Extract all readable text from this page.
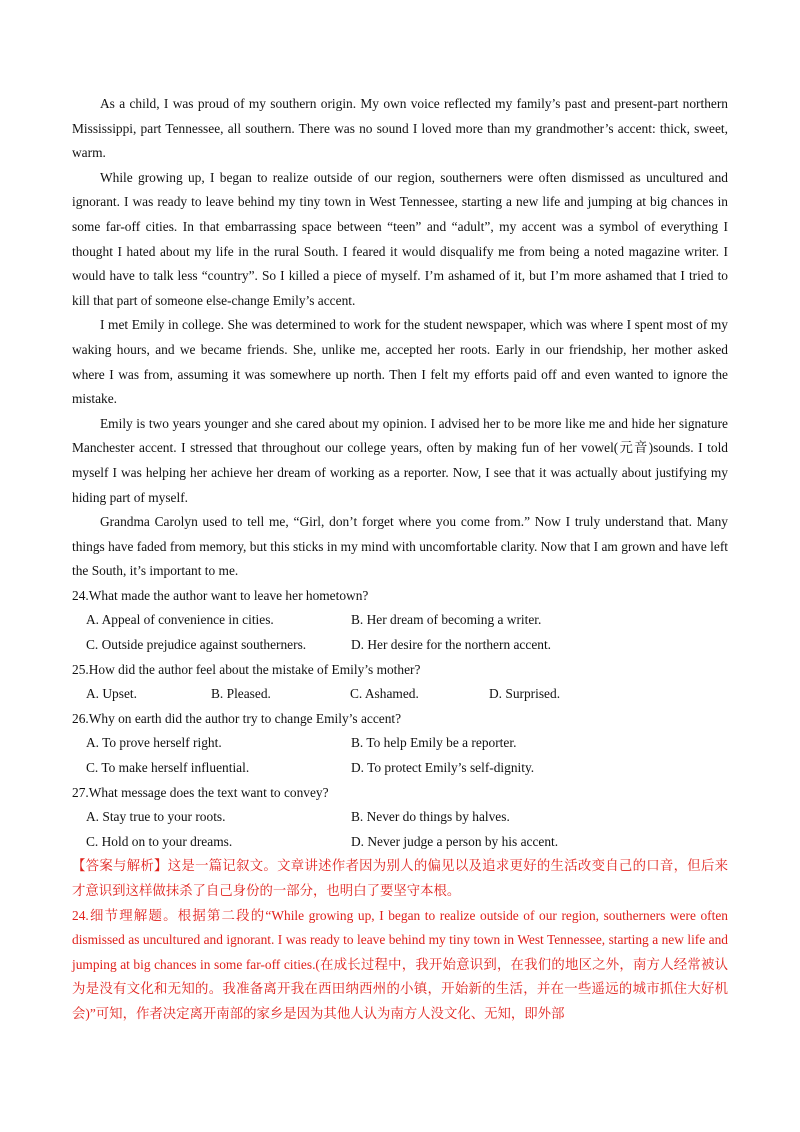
As a child, I was proud of my southern origin. My own voice reflected my family’s past and present-part northern Mississippi, part Tennessee, all southern. There was no sound I loved more than my grandmother’s accent: thick, sweet, warm.

While growing up, I began to realize outside of our region, southerners were often dismissed as uncultured and ignorant. I was ready to leave behind my tiny town in West Tennessee, starting a new life and jumping at big chances in some far-off cities. In that embarrassing space between “teen” and “adult”, my accent was a symbol of everything I thought I hated about my life in the rural South. I feared it would disqualify me from being a noted magazine writer. I would have to talk less “country”. So I killed a piece of myself. I’m ashamed of it, but I’m more ashamed that I tried to kill that part of someone else-change Emily’s accent.

I met Emily in college. She was determined to work for the student newspaper, which was where I spent most of my waking hours, and we became friends. She, unlike me, accepted her roots. Early in our friendship, her mother asked where I was from, assuming it was somewhere up north. Then I felt my efforts paid off and even wanted to ignore the mistake.

Emily is two years younger and she cared about my opinion. I advised her to be more like me and hide her signature Manchester accent. I stressed that throughout our college years, often by making fun of her vowel(元音)sounds. I told myself I was helping her achieve her dream of working as a reporter. Now, I see that it was actually about justifying my hiding part of myself.

Grandma Carolyn used to tell me, “Girl, don’t forget where you come from.” Now I truly understand that. Many things have faded from memory, but this sticks in my mind with uncomfortable clarity. Now that I am grown and have left the South, it’s important to me.

24.What made the author want to leave her hometown?

A. Appeal of convenience in cities.	B. Her dream of becoming a writer.
C. Outside prejudice against southerners.	D. Her desire for the northern accent.

25.How did the author feel about the mistake of Emily’s mother?

A. Upset.	B. Pleased.	C. Ashamed.	D. Surprised.

26.Why on earth did the author try to change Emily’s accent?

A. To prove herself right.	B. To help Emily be a reporter.
C. To make herself influential.	D. To protect Emily’s self-dignity.

27.What message does the text want to convey?

A. Stay true to your roots.	B. Never do things by halves.
C. Hold on to your dreams.	D. Never judge a person by his accent.

【答案与解析】这是一篇记叙文。文章讲述作者因为别人的偏见以及追求更好的生活改变自己的口音，但后来才意识到这样做抹杀了自己身份的一部分，也明白了要坚守本根。

24.细节理解题。根据第二段的“While growing up, I began to realize outside of our region, southerners were often dismissed as uncultured and ignorant. I was ready to leave behind my tiny town in West Tennessee, starting a new life and jumping at big chances in some far-off cities.(在成长过程中，我开始意识到，在我们的地区之外，南方人经常被认为是没有文化和无知的。我准备离开我在西田纳西州的小镇，开始新的生活，并在一些遥远的城市抓住大好机会)”可知，作者决定离开南部的家乡是因为其他人认为南方人没文化、无知，即外部
